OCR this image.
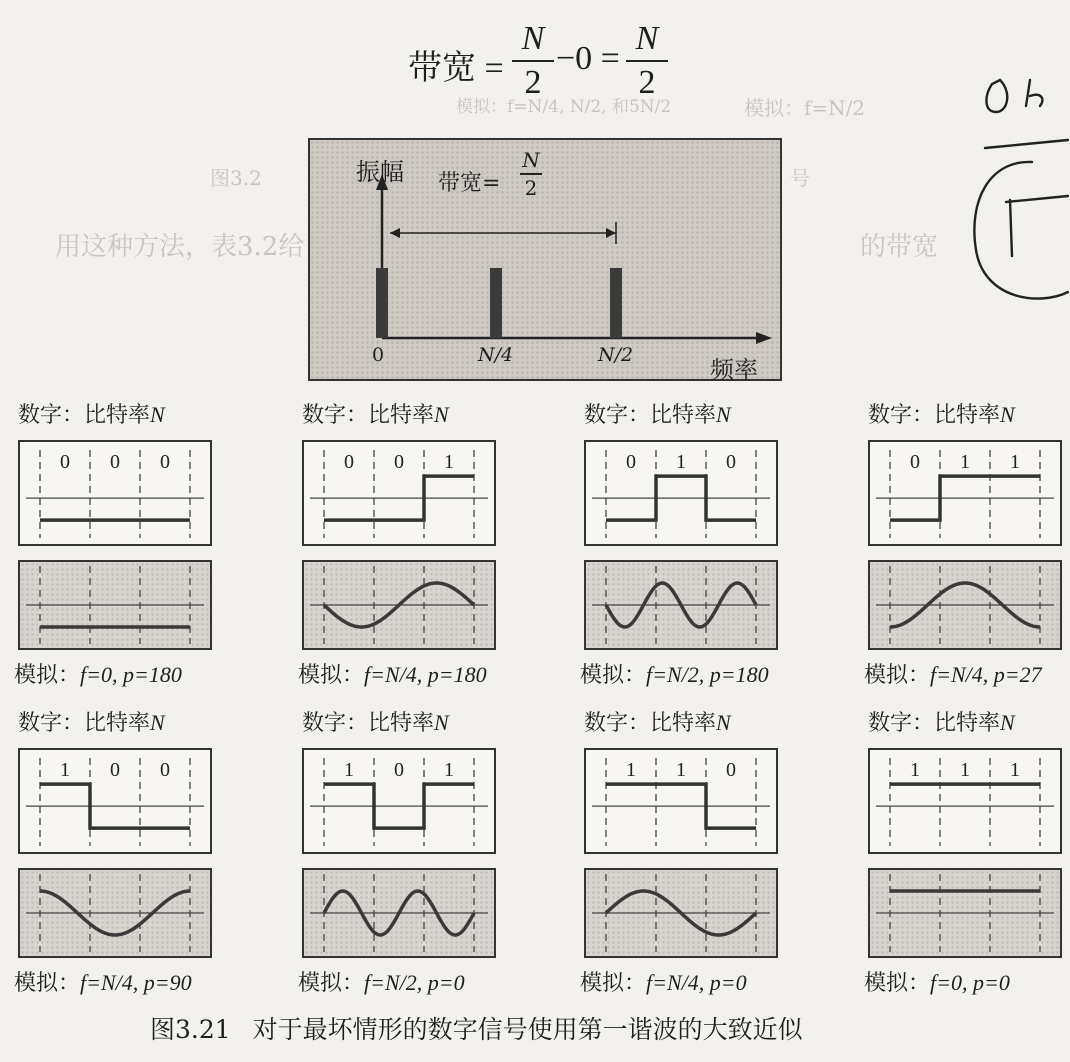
模拟：f=N/2
模拟：f=N/4, N/2, 和5N/2
图3.2	号
用这种方法，表3.2给	的带宽
带宽 =
N
2
−0 =
N
2
振幅 带宽=
N
2
0	N/4	N/2
频率
数字：比特率N
0 0 0
模拟：f=0, p=180
数字：比特率N
0 0 1
模拟：f=N/4, p=180
数字：比特率N
0 1 0
模拟：f=N/2, p=180
数字：比特率N
0 1 1
模拟：f=N/4, p=27
数字：比特率N
1 0 0
模拟：f=N/4, p=90
数字：比特率N
1 0 1
模拟：f=N/2, p=0
数字：比特率N
1 1 0
模拟：f=N/4, p=0
数字：比特率N
1 1 1
模拟：f=0, p=0
图3.21 对于最坏情形的数字信号使用第一谐波的大致近似
